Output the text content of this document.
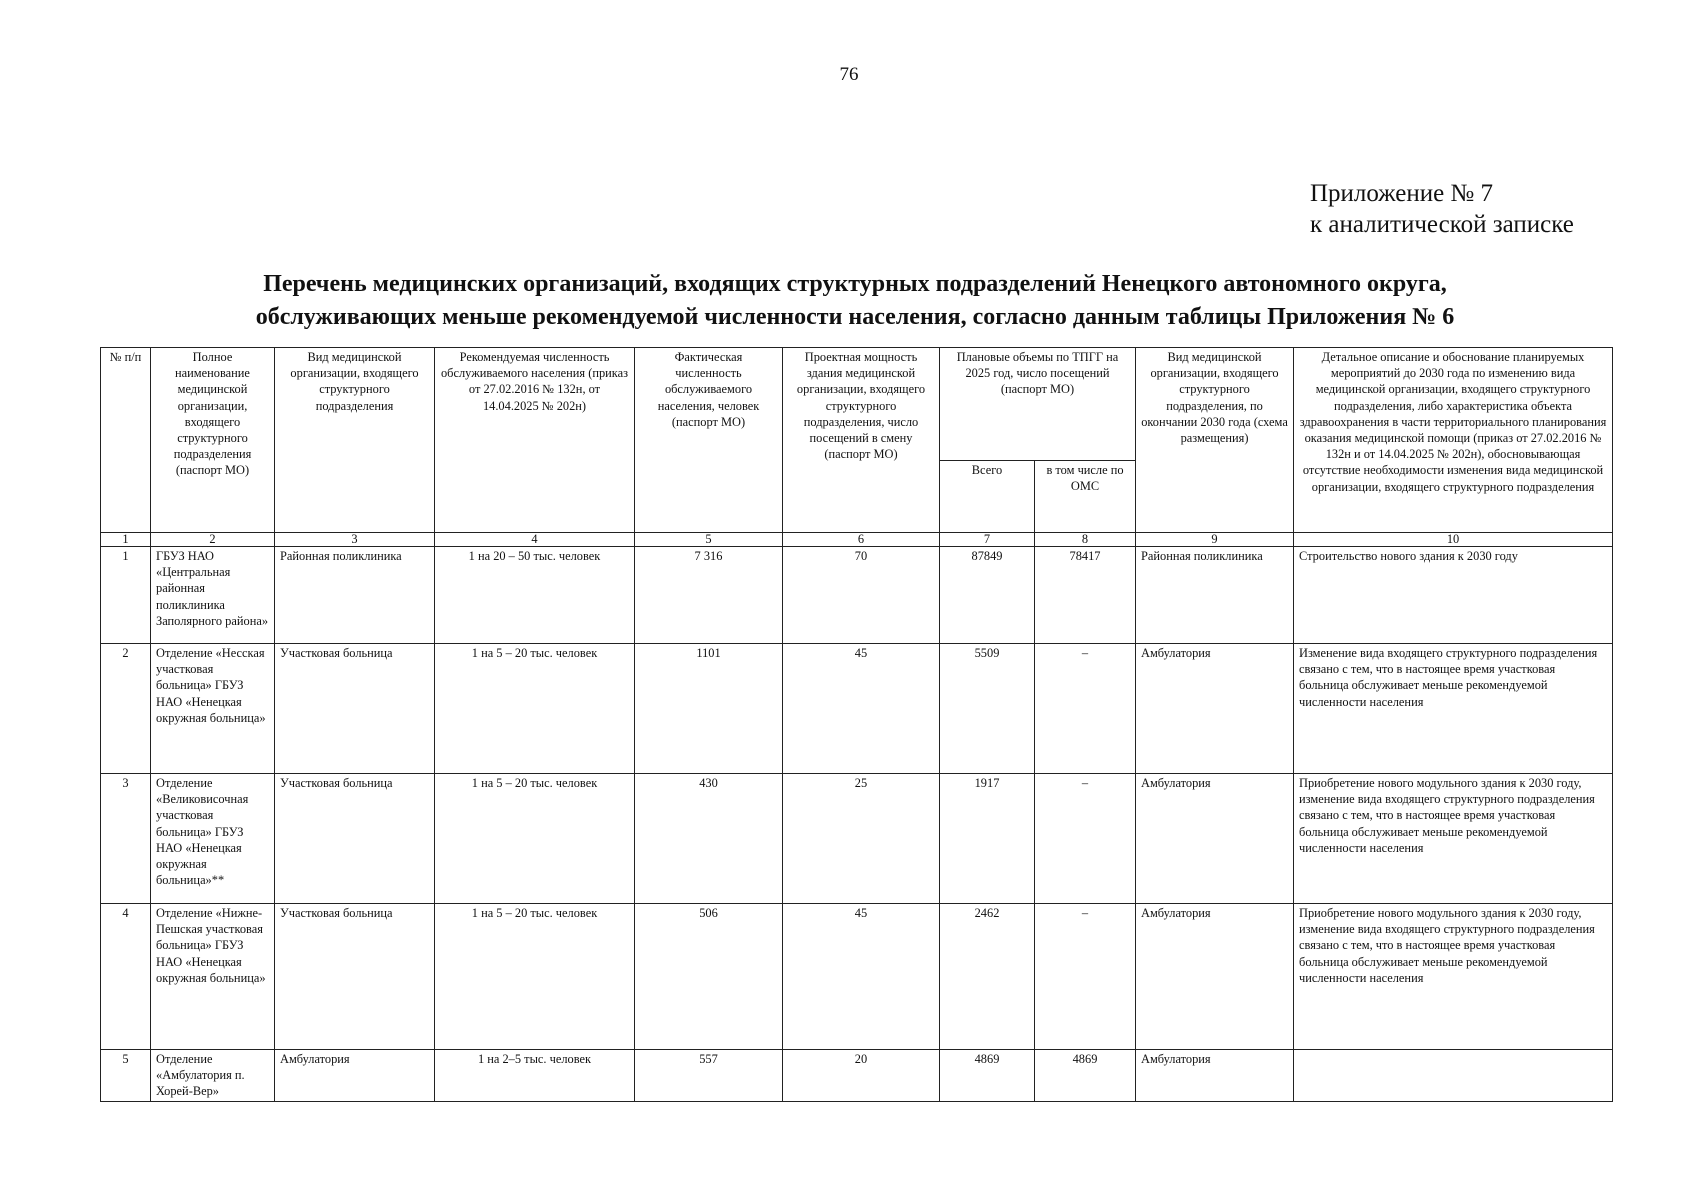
76
Приложение № 7
к аналитической записке
Перечень медицинских организаций, входящих структурных подразделений Ненецкого автономного округа,
обслуживающих меньше рекомендуемой численности населения, согласно данным таблицы Приложения № 6
№ п/п	Полное наименование медицинской организации, входящего структурного подразделения (паспорт МО)	Вид медицинской организации, входящего структурного подразделения	Рекомендуемая численность обслуживаемого населения (приказ от 27.02.2016 № 132н, от 14.04.2025 № 202н)	Фактическая численность обслуживаемого населения, человек (паспорт МО)	Проектная мощность здания медицинской организации, входящего структурного подразделения, число посещений в смену (паспорт МО)	Плановые объемы по ТПГГ на 2025 год, число посещений (паспорт МО)		Вид медицинской организации, входящего структурного подразделения, по окончании 2030 года (схема размещения)	Детальное описание и обоснование планируемых мероприятий до 2030 года по изменению вида медицинской организации, входящего структурного подразделения, либо характеристика объекта здравоохранения в части территориального планирования оказания медицинской помощи (приказ от 27.02.2016 № 132н и от 14.04.2025 № 202н), обосновывающая отсутствие необходимости изменения вида медицинской организации, входящего структурного подразделения
						Всего	в том числе по ОМС		
1	2	3	4	5	6	7	8	9	10
1	ГБУЗ НАО «Центральная районная поликлиника Заполярного района»	Районная поликлиника	1 на 20 – 50 тыс. человек	7 316	70	87849	78417	Районная поликлиника	Строительство нового здания к 2030 году
2	Отделение «Несская участковая больница» ГБУЗ НАО «Ненецкая окружная больница»	Участковая больница	1 на 5 – 20 тыс. человек	1101	45	5509	–	Амбулатория	Изменение вида входящего структурного подразделения связано с тем, что в настоящее время участковая больница обслуживает меньше рекомендуемой численности населения
3	Отделение «Великовисочная участковая больница» ГБУЗ НАО «Ненецкая окружная больница»**	Участковая больница	1 на 5 – 20 тыс. человек	430	25	1917	–	Амбулатория	Приобретение нового модульного здания к 2030 году, изменение вида входящего структурного подразделения связано с тем, что в настоящее время участковая больница обслуживает меньше рекомендуемой численности населения
4	Отделение «Нижне-Пешская участковая больница» ГБУЗ НАО «Ненецкая окружная больница»	Участковая больница	1 на 5 – 20 тыс. человек	506	45	2462	–	Амбулатория	Приобретение нового модульного здания к 2030 году, изменение вида входящего структурного подразделения связано с тем, что в настоящее время участковая больница обслуживает меньше рекомендуемой численности населения
5	Отделение «Амбулатория п. Хорей-Вер»	Амбулатория	1 на 2–5 тыс. человек	557	20	4869	4869	Амбулатория	
